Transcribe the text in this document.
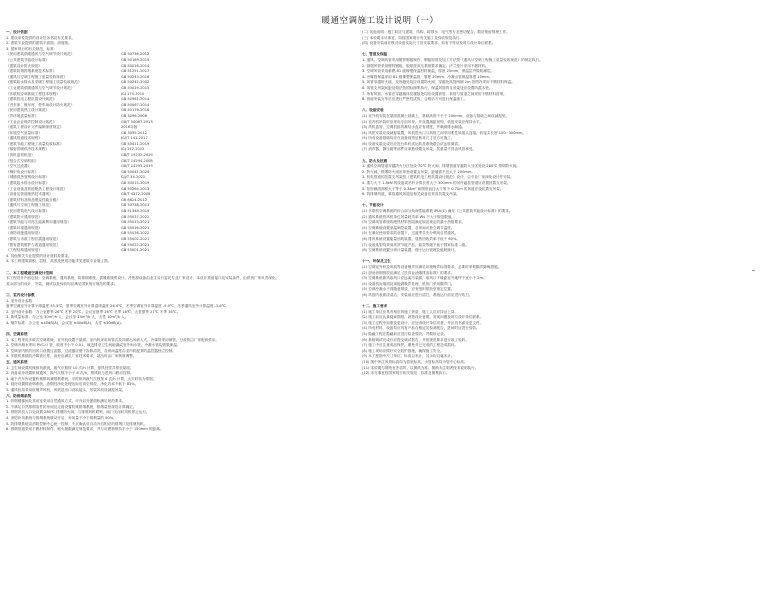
暖通空调施工设计说明（一）
一、设计依据
1. 建设单位提供的设计任务书及有关要求。
2. 建筑专业提供的建筑平面图、剖面图。
3. 国家现行的有关规范、标准：
《民用建筑供暖通风与空气调节设计规范》	GB 50736-2012
《公共建筑节能设计标准》	GB 50189-2015
《建筑设计防火规范》	GB 50016-2014
《建筑防烟排烟系统技术标准》	GB 51251-2017
《通风与空调工程施工质量验收规范》	GB 50243-2016
《建筑给水排水及采暖工程施工质量验收规范》	GB 50242-2002
《工业建筑供暖通风与空气调节设计规范》	GB 50019-2015
《多联机空调系统工程技术规程》	JGJ 174-2010
《建筑机电工程抗震设计规范》	GB 50981-2014
《汽车库、修车库、停车场设计防火规范》	GB 50067-2014
《民用建筑热工设计规范》	GB 50176-2016
《声环境质量标准》	GB 3096-2008
《工业企业噪声控制设计规范》	GB/T 50087-2013
《建筑工程设计文件编制深度规定》	2016年版
《环境空气质量标准》	GB 3095-2012
《通风管道技术规程》	JGJ/T 141-2017
《建筑节能工程施工质量验收标准》	GB 50411-2019
《辐射供暖供冷技术规程》	JGJ 142-2012
《风机盘管机组》	GB/T 19232-2019
《组合式空调机组》	GB/T 14294-2008
《空气过滤器》	GB/T 14295-2019
《锅炉房设计标准》	GB 50041-2020
《城镇供热管网设计标准》	CJJ/T 34-2022
《建筑给水排水设计标准》	GB 50015-2019
《工业设备及管道绝热工程设计规范》	GB 50264-2013
《设备及管道绝热技术通则》	GB/T 4272-2008
《建筑材料及制品燃烧性能分级》	GB 8624-2012
《通风与空调工程施工规范》	GB 50738-2011
《民用建筑电气设计标准》	GB 51348-2019
《建筑防火通用规范》	GB 55037-2022
《建筑节能与可再生能源利用通用规范》	GB 55015-2021
《建筑环境通用规范》	GB 55016-2021
《消防设施通用规范》	GB 55036-2022
《建筑与市政工程抗震通用规范》	GB 55002-2021
《既有建筑维护与改造通用规范》	GB 55022-2021
《工程结构通用规范》	GB 55001-2021
4. 其他相关专业提供的设计资料及要求。
5. 本工程建筑面积、层数、高度及使用功能详见建筑专业施工图。
二、本工程暖通空调设计范围
本工程设计内容包括：空调系统、通风系统、防排烟系统、供暖系统的设计。冷热源设备由业主另行委托专业厂家设计，本设计预留接口及安装条件，由供货厂家负责深化。
其余部分的设计、安装、调试以及验收均应满足国家现行规范的要求。
三、室内设计参数
1. 室外设计参数：
夏季空调室外计算干球温度 33.5℃，夏季空调室外计算湿球温度 26.4℃，冬季空调室外计算温度 -9.9℃，冬季通风室外计算温度 -3.6℃。
2. 室内设计参数：办公室夏季 26℃ 冬季 20℃；会议室夏季 26℃ 冬季 18℃；大堂夏季 27℃ 冬季 16℃。
3. 新风量标准：办公室 30m³/h·人，会议室 14m³/h·人，大堂 10m³/h·人。
4. 噪声标准：办公室 ≤40dB(A)，会议室 ≤40dB(A)，大堂 ≤50dB(A)。
四、空调系统
1. 本工程采用多联式空调系统，室外机设置于屋面，室内机采用风管式及四面出风嵌入式，冷媒管采用铜管，分歧管由厂家配套供应。
2. 空调冷凝水采用 PVC-U 管，坡度不小于 0.01，就近排至卫生间地漏或室外雨水管，冷凝水管均需做保温。
3. 空调室内机的回风口设置过滤器，过滤器应便于拆卸清洗，各房间温度由室内机配套的温控器独立控制。
4. 多联机系统的冷媒管长度、高差应满足厂家技术要求，超出时由厂家核算调整。
五、通风系统
1. 卫生间设置机械排风系统，换气次数按 10 次/h 计算，排风经竖井排至屋面。
2. 设备用房设置机械通风，换气次数不小于 6 次/h，排风机与进风口联动控制。
3. 地下汽车库设置机械排风兼排烟系统，平时排风换气次数按 6 次/h 计算，火灾时转为排烟。
4. 厨房设置排油烟系统，油烟经净化处理达标后高空排放，净化效率不低于 85%。
5. 通风机均采用低噪声风机，风机进出口设软接头，吊装风机设减振吊架。
六、防排烟系统
1. 防烟楼梯间及其前室采用自然通风方式，可开启外窗面积满足规范要求。
2. 不满足自然排烟条件的房间及走道设置机械排烟系统，排烟量按规范计算确定。
3. 排烟风机入口处设置 280℃ 排烟防火阀，与排烟风机联锁，阀门关闭时风机停止运行。
4. 消防补风系统与排烟系统联动开启，补风量不小于排烟量的 50%。
5. 防排烟系统由消防控制中心统一控制，火灾确认后自动开启相应的排烟口及排烟风机。
6. 排烟管道采用不燃材料制作，耐火极限满足规范要求，并与可燃物保持不小于 150mm 的距离。
(二) 其他说明：施工时应与建筑、结构、给排水、电气等专业密切配合，做好预留预埋工作。
(三) 本说明未尽事宜，均按国家现行有关施工及验收规范执行。
(四) 设备安装前应核对设备实际尺寸及安装要求，如有不符应及时与设计单位联系。
七、管道及保温
1. 通风、空调风管采用镀锌钢板制作，钢板厚度及加工方法按《通风与空调工程施工质量验收规范》的规定执行。
2. 排烟风管采用镀锌钢板，板厚按高压系统要求确定，法兰垫片采用不燃材料。
3. 空调风管采用难燃 B1 级橡塑保温材料保温，厚度 25mm，保温层外做防潮层。
4. 冷媒管保温采用 B1 级橡塑保温管，厚度 20mm；冷凝水管保温厚度 10mm。
5. 风管穿越防火墙、变形缝处均应设置防火阀，穿越处风管两侧 2m 范围内采用不燃材料保温。
6. 风管支吊架间距及做法按国标图集执行，保温风管的支吊架处应设置防腐木垫。
7. 所有风管、水管在穿越墙体及楼板处均应设置套管，套管与管道之间采用不燃材料封堵。
8. 管道安装完毕后应进行严密性试验，合格后方可进行保温施工。
八、设备安装
(1) 室外机安装在屋面混凝土基础上，基础高度不小于 200mm，设备与基础之间设减振垫。
(2) 室内机吊装时应采用专用吊杆，并设置减振吊钩，机组安装应保持水平。
(3) 风机盘管、空调机组的凝结水盘应有坡度，并确保排水畅通。
(4) 风机安装应设减振装置，风机进出口与风管之间采用柔性软接头连接，软接头长度 150~300mm。
(5) 所有设备基础均应在设备到货后核对尺寸后方可施工。
(6) 设备安装完成后应进行单机试运转及系统联合试运转调试。
(7) 消声器、静压箱等部件应单独设置支吊架，其重量不得由风管承受。
九、防火及抗震
1. 通风空调管道穿越防火分区处设 70℃ 防火阀；排烟管道穿越防火分区处设 280℃ 排烟防火阀。
2. 防火阀、排烟防火阀应单独设置支吊架，距墙面不宜大于 200mm。
3. 机电管道的抗震支吊架按《建筑机电工程抗震设计规范》设计，由专业厂家深化设计并安装。
4. 重力大于 1.8kN 的设备或吊杆计算长度大于 300mm 的吊杆悬挂管道应设置抗震支吊架。
5. 矩形截面面积大于等于 0.38m² 和圆形直径大于等于 0.70m 的风道应设抗震支吊架。
6. 防排烟风道、事故通风风道及相关设备应采用抗震支吊架。
十、节能设计
(1) 多联机空调系统的综合部分负荷性能系数 IPLV(C) 满足《公共建筑节能设计标准》的要求。
(2) 通风系统的风机单位风量耗功率 Ws 不大于规范限值。
(3) 空调风管系统的绝热材料热阻满足规范规定的最小热阻要求。
(4) 空调系统设置室温调控装置，各房间可独立调节温度。
(5) 在满足使用要求的前提下，过渡季节充分利用自然通风。
(6) 排风系统设置能量回收装置，显热回收效率不低于 60%。
(7) 设备选型均采用高效节能产品，能效等级不低于国家标准二级。
(8) 空调系统设置分项计量装置，便于运行管理及能耗统计。
十一、环保及卫生
(1) 空调室外机及风机等设备噪声应满足环境噪声标准要求，必要时采取隔声降噪措施。
(2) 厨房油烟排放应满足《饮食业油烟排放标准》的要求。
(3) 空调系统新风取风口应远离污染源，取风口下缘距室外地坪不宜小于 2m。
(4) 设备机房墙面及顶板做吸声处理，机房门采用隔声门。
(5) 空调冷凝水不得随意排放，应有组织排放至指定位置。
(6) 风管内表面应清洁，安装前应进行清扫，系统运行前应进行吹扫。
十二、施工要求
(1) 施工单位应具有相应的施工资质，施工人员应持证上岗。
(2) 施工前应认真阅读图纸，熟悉设计意图，发现问题及时与设计单位联系。
(3) 施工过程中如需变更设计，应征得设计单位同意，并出具书面变更文件。
(4) 所有材料、设备均应具有产品合格证及检测报告，进场时应进行验收。
(5) 隐蔽工程在隐蔽前应进行检查验收，并做好记录。
(6) 系统调试完成后应提交调试报告，并按规范要求进行竣工验收。
(7) 施工中应注意成品保护，避免对已完成的工程造成损坏。
(8) 施工现场应做好安全防护措施，确保施工安全。
(9) 本工程图中尺寸单位，标高以米计，其余均以毫米计。
(10) 图中所注风管标高均为管底标高，水管标高均为管中心标高。
(11) 本说明与图纸有矛盾时，以图纸为准；图纸未注明者按本说明执行。
(12) 未尽事宜按国家现行相关规范、标准及图集执行。
